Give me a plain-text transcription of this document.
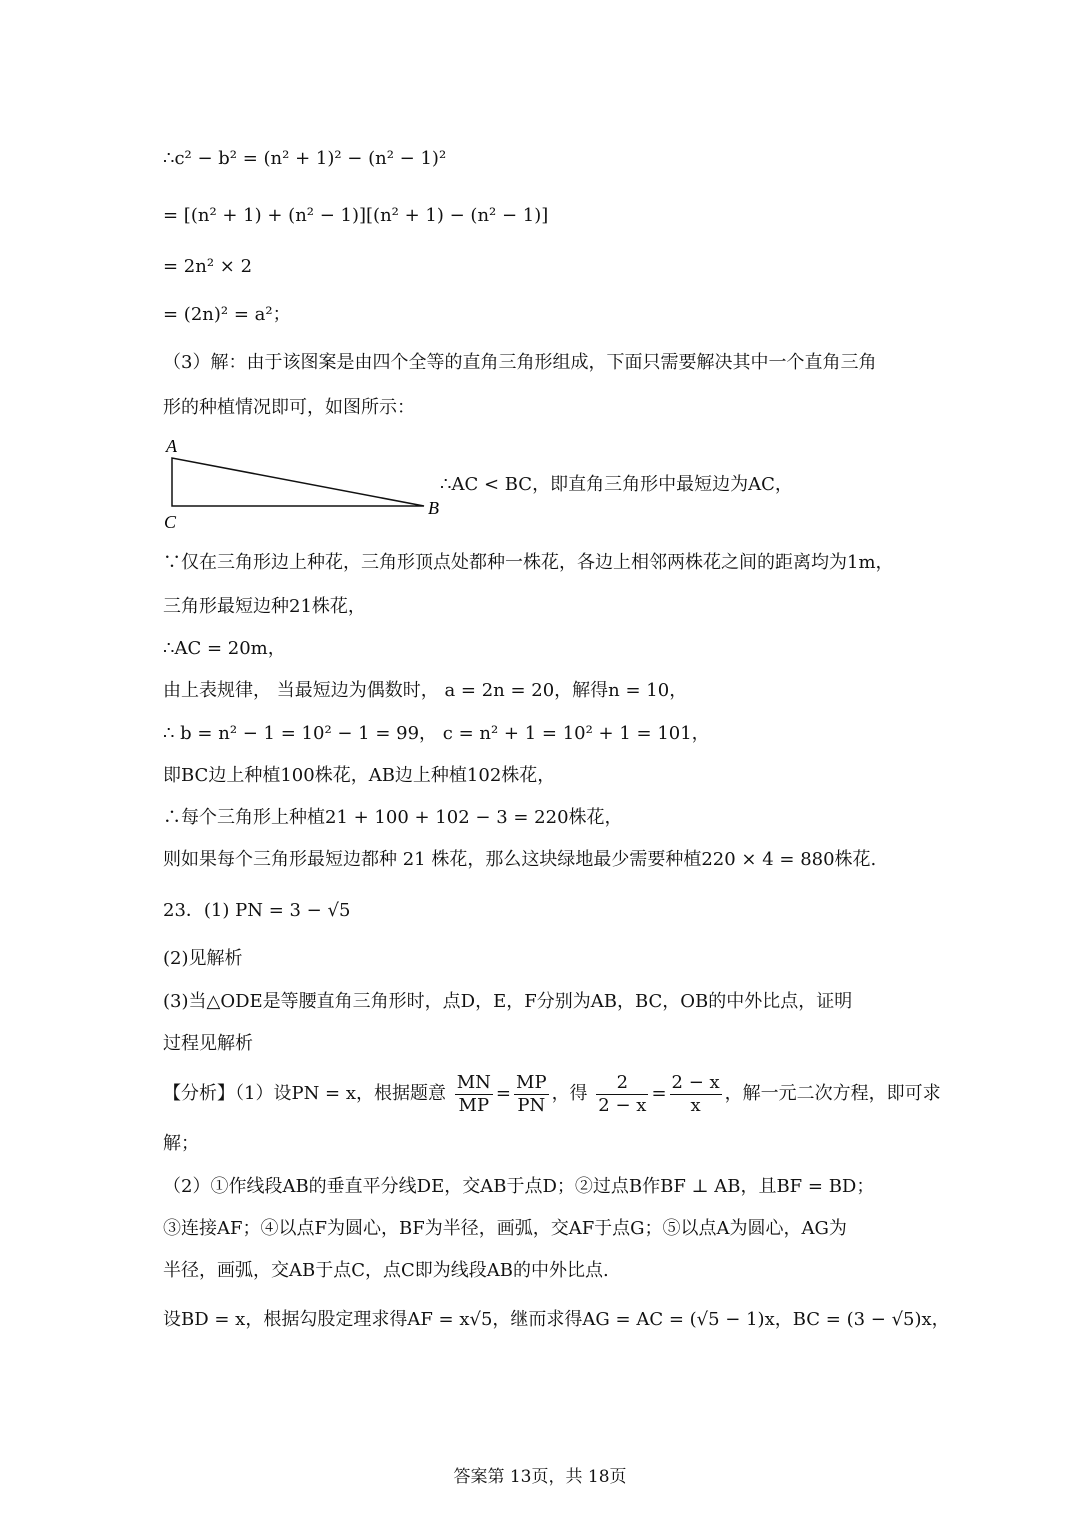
∴c² − b² = (n² + 1)² − (n² − 1)²
= [(n² + 1) + (n² − 1)][(n² + 1) − (n² − 1)]
= 2n² × 2
= (2n)² = a²；
（3）解：由于该图案是由四个全等的直角三角形组成，下面只需要解决其中一个直角三角
形的种植情况即可，如图所示：
A
C
B
∴AC < BC，即直角三角形中最短边为AC，
∵仅在三角形边上种花，三角形顶点处都种一株花，各边上相邻两株花之间的距离均为1m，
三角形最短边种21株花，
∴AC = 20m，
由上表规律， 当最短边为偶数时， a = 2n = 20，解得n = 10，
∴ b = n² − 1 = 10² − 1 = 99， c = n² + 1 = 10² + 1 = 101，
即BC边上种植100株花，AB边上种植102株花，
∴每个三角形上种植21 + 100 + 102 − 3 = 220株花，
则如果每个三角形最短边都种 21 株花，那么这块绿地最少需要种植220 × 4 = 880株花.
23．(1) PN = 3 − √5
(2)见解析
(3)当△ODE是等腰直角三角形时，点D，E，F分别为AB，BC，OB的中外比点，证明
过程见解析
【分析】（1）设PN = x，根据题意 $\frac{MN}{MP} = \frac{MP}{PN}$ ，得 $\frac{2}{2 - x} = \frac{2 - x}{x}$ ，解一元二次方程，即可求
解；
（2）①作线段AB的垂直平分线DE，交AB于点D；②过点B作BF ⊥ AB，且BF = BD；
③连接AF；④以点F为圆心，BF为半径，画弧，交AF于点G；⑤以点A为圆心，AG为
半径，画弧，交AB于点C，点C即为线段AB的中外比点.
设BD = x，根据勾股定理求得AF = x√5，继而求得AG = AC = (√5 − 1)x，BC = (3 − √5)x，
答案第 13页，共 18页
